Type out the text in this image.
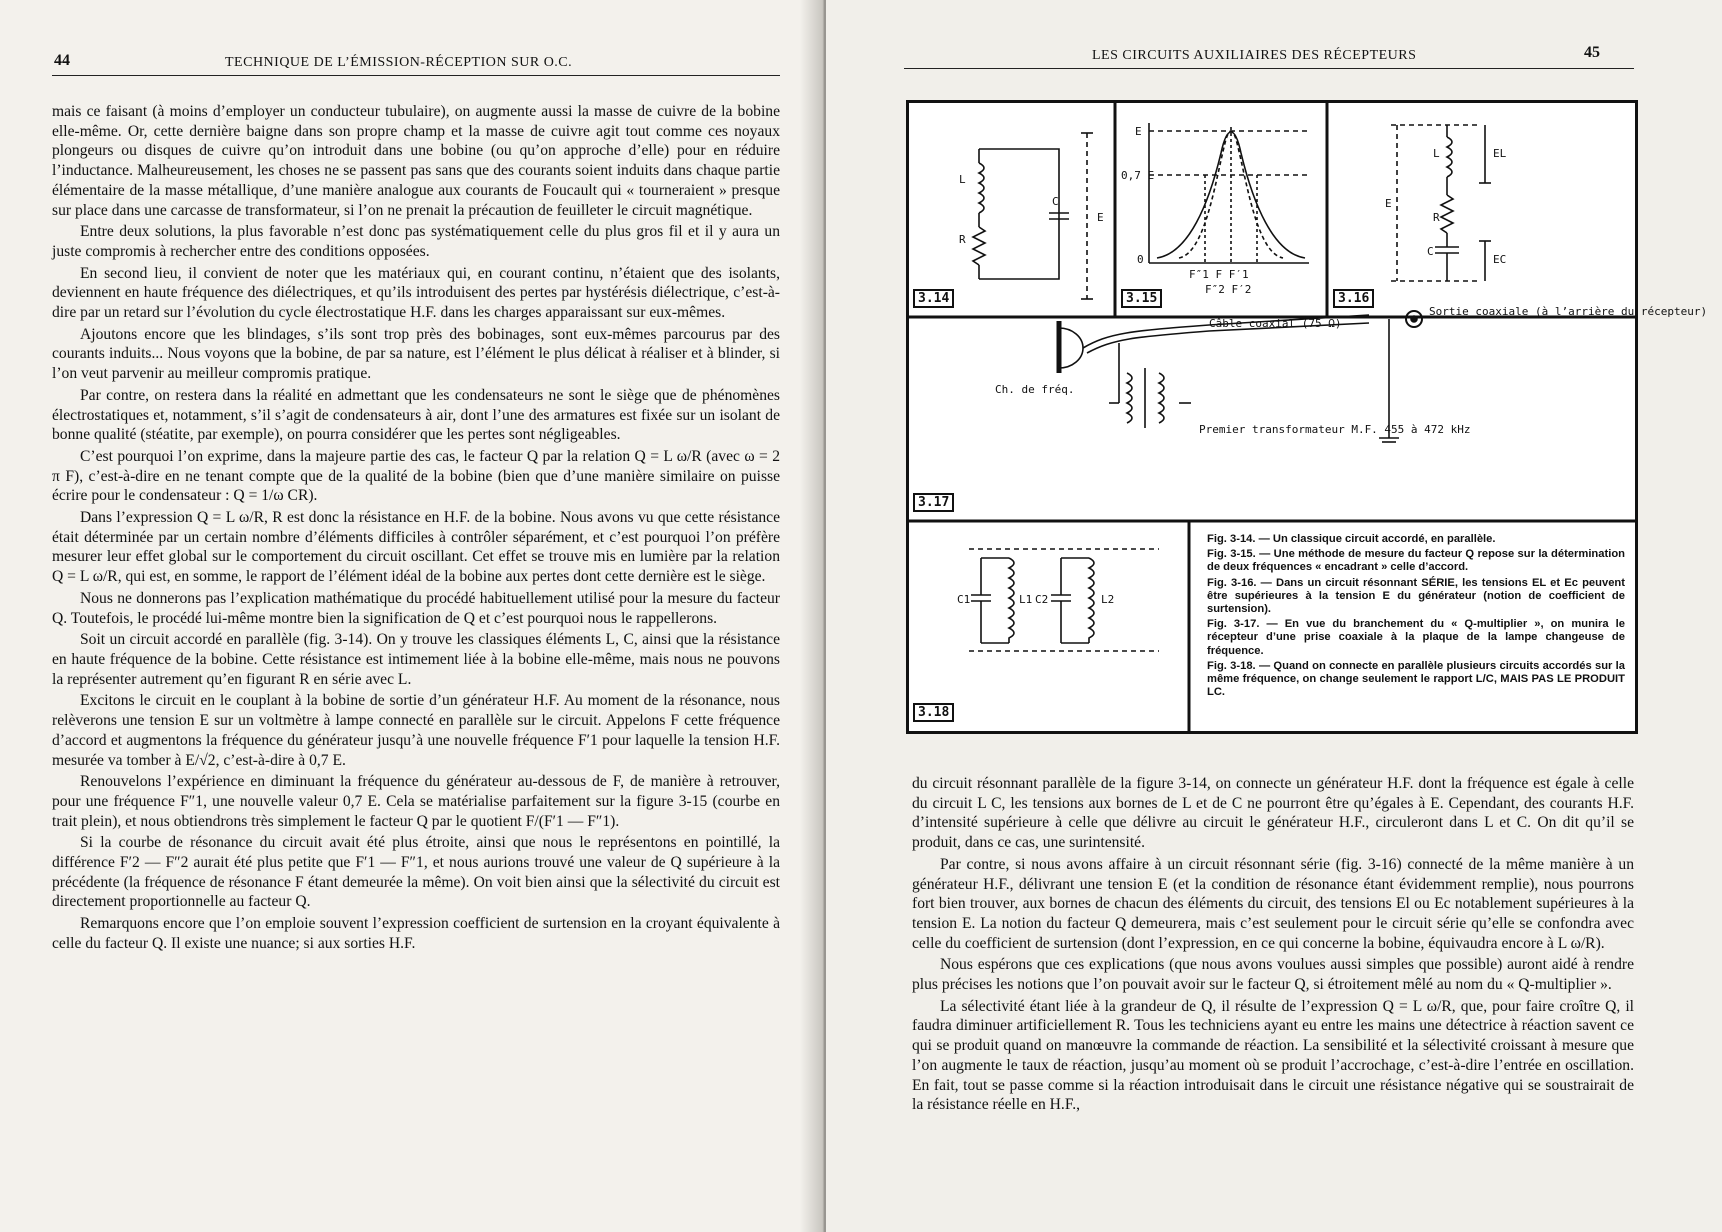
44	TECHNIQUE DE L’ÉMISSION-RÉCEPTION SUR O.C.

mais ce faisant (à moins d’employer un conducteur tubulaire), on augmente aussi la masse de cuivre de la bobine elle-même. Or, cette dernière baigne dans son propre champ et la masse de cuivre agit tout comme ces noyaux plongeurs ou disques de cuivre qu’on introduit dans une bobine (ou qu’on approche d’elle) pour en réduire l’inductance. Malheureusement, les choses ne se passent pas sans que des courants soient induits dans chaque partie élémentaire de la masse métallique, d’une manière analogue aux courants de Foucault qui « tourneraient » presque sur place dans une carcasse de transformateur, si l’on ne prenait la précaution de feuilleter le circuit magnétique.

Entre deux solutions, la plus favorable n’est donc pas systématiquement celle du plus gros fil et il y aura un juste compromis à rechercher entre des conditions opposées.

En second lieu, il convient de noter que les matériaux qui, en courant continu, n’étaient que des isolants, deviennent en haute fréquence des diélectriques, et qu’ils introduisent des pertes par hystérésis diélectrique, c’est-à-dire par un retard sur l’évolution du cycle électrostatique H.F. dans les charges apparaissant sur eux-mêmes.

Ajoutons encore que les blindages, s’ils sont trop près des bobinages, sont eux-mêmes parcourus par des courants induits... Nous voyons que la bobine, de par sa nature, est l’élément le plus délicat à réaliser et à blinder, si l’on veut parvenir au meilleur compromis pratique.

Par contre, on restera dans la réalité en admettant que les condensateurs ne sont le siège que de phénomènes électrostatiques et, notamment, s’il s’agit de condensateurs à air, dont l’une des armatures est fixée sur un isolant de bonne qualité (stéatite, par exemple), on pourra considérer que les pertes sont négligeables.

C’est pourquoi l’on exprime, dans la majeure partie des cas, le facteur Q par la relation Q = L ω/R (avec ω = 2 π F), c’est-à-dire en ne tenant compte que de la qualité de la bobine (bien que d’une manière similaire on puisse écrire pour le condensateur : Q = 1/ω CR).

Dans l’expression Q = L ω/R, R est donc la résistance en H.F. de la bobine. Nous avons vu que cette résistance était déterminée par un certain nombre d’éléments difficiles à contrôler séparément, et c’est pourquoi l’on préfère mesurer leur effet global sur le comportement du circuit oscillant. Cet effet se trouve mis en lumière par la relation Q = L ω/R, qui est, en somme, le rapport de l’élément idéal de la bobine aux pertes dont cette dernière est le siège.

Nous ne donnerons pas l’explication mathématique du procédé habituellement utilisé pour la mesure du facteur Q. Toutefois, le procédé lui-même montre bien la signification de Q et c’est pourquoi nous le rappellerons.

Soit un circuit accordé en parallèle (fig. 3-14). On y trouve les classiques éléments L, C, ainsi que la résistance en haute fréquence de la bobine. Cette résistance est intimement liée à la bobine elle-même, mais nous ne pouvons la représenter autrement qu’en figurant R en série avec L.

Excitons le circuit en le couplant à la bobine de sortie d’un générateur H.F. Au moment de la résonance, nous relèverons une tension E sur un voltmètre à lampe connecté en parallèle sur le circuit. Appelons F cette fréquence d’accord et augmentons la fréquence du générateur jusqu’à une nouvelle fréquence F′1 pour laquelle la tension H.F. mesurée va tomber à E/√2, c’est-à-dire à 0,7 E.

Renouvelons l’expérience en diminuant la fréquence du générateur au-dessous de F, de manière à retrouver, pour une fréquence F″1, une nouvelle valeur 0,7 E. Cela se matérialise parfaitement sur la figure 3-15 (courbe en trait plein), et nous obtiendrons très simplement le facteur Q par le quotient F/(F′1 — F″1).

Si la courbe de résonance du circuit avait été plus étroite, ainsi que nous le représentons en pointillé, la différence F′2 — F″2 aurait été plus petite que F′1 — F″1, et nous aurions trouvé une valeur de Q supérieure à la précédente (la fréquence de résonance F étant demeurée la même). On voit bien ainsi que la sélectivité du circuit est directement proportionnelle au facteur Q.

Remarquons encore que l’on emploie souvent l’expression coefficient de surtension en la croyant équivalente à celle du facteur Q. Il existe une nuance; si aux sorties H.F.

LES CIRCUITS AUXILIAIRES DES RÉCEPTEURS	45
L
R
C
E
E
0,7 E
0
F″1 F F′1
F″2 F′2
L
R
C
E
EL
EC
Câble coaxial (75 Ω)
Sortie coaxiale (à l’arrière du récepteur)
Ch. de fréq.
Premier transformateur M.F. 455 à 472 kHz
C1	L1 C2	L2
3.14	3.15	3.16
3.17
3.18

Fig. 3-14. — Un classique circuit accordé, en parallèle.

Fig. 3-15. — Une méthode de mesure du facteur Q repose sur la détermination de deux fréquences « encadrant » celle d’accord.

Fig. 3-16. — Dans un circuit résonnant SÉRIE, les tensions EL et Ec peuvent être supérieures à la tension E du générateur (notion de coefficient de surtension).

Fig. 3-17. — En vue du branchement du « Q-multiplier », on munira le récepteur d’une prise coaxiale à la plaque de la lampe changeuse de fréquence.

Fig. 3-18. — Quand on connecte en parallèle plusieurs circuits accordés sur la même fréquence, on change seulement le rapport L/C, MAIS PAS LE PRODUIT LC.

du circuit résonnant parallèle de la figure 3-14, on connecte un générateur H.F. dont la fréquence est égale à celle du circuit L C, les tensions aux bornes de L et de C ne pourront être qu’égales à E. Cependant, des courants H.F. d’intensité supérieure à celle que délivre au circuit le générateur H.F., circuleront dans L et C. On dit qu’il se produit, dans ce cas, une surintensité.

Par contre, si nous avons affaire à un circuit résonnant série (fig. 3-16) connecté de la même manière à un générateur H.F., délivrant une tension E (et la condition de résonance étant évidemment remplie), nous pourrons fort bien trouver, aux bornes de chacun des éléments du circuit, des tensions El ou Ec notablement supérieures à la tension E. La notion du facteur Q demeurera, mais c’est seulement pour le circuit série qu’elle se confondra avec celle du coefficient de surtension (dont l’expression, en ce qui concerne la bobine, équivaudra encore à L ω/R).

Nous espérons que ces explications (que nous avons voulues aussi simples que possible) auront aidé à rendre plus précises les notions que l’on pouvait avoir sur le facteur Q, si étroitement mêlé au nom du « Q-multiplier ».

La sélectivité étant liée à la grandeur de Q, il résulte de l’expression Q = L ω/R, que, pour faire croître Q, il faudra diminuer artificiellement R. Tous les techniciens ayant eu entre les mains une détectrice à réaction savent ce qui se produit quand on manœuvre la commande de réaction. La sensibilité et la sélectivité croissant à mesure que l’on augmente le taux de réaction, jusqu’au moment où se produit l’accrochage, c’est-à-dire l’entrée en oscillation. En fait, tout se passe comme si la réaction introduisait dans le circuit une résistance négative qui se soustrairait de la résistance réelle en H.F.,
